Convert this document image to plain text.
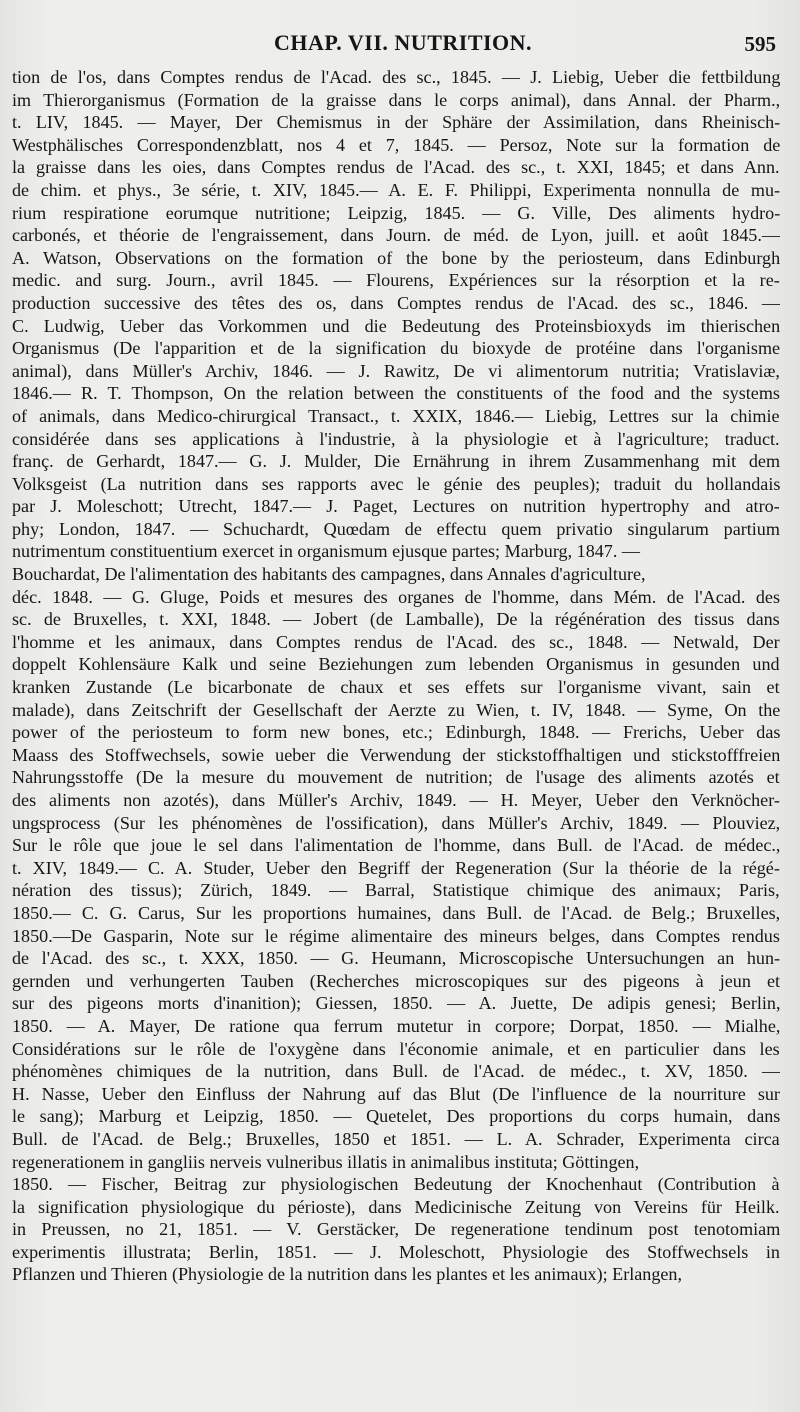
CHAP. VII. NUTRITION.	595
tion de l'os, dans Comptes rendus de l'Acad. des sc., 1845. — J. Liebig, Ueber die fettbildung
im Thierorganismus (Formation de la graisse dans le corps animal), dans Annal. der Pharm.,
t. LIV, 1845. — Mayer, Der Chemismus in der Sphäre der Assimilation, dans Rheinisch-
Westphälisches Correspondenzblatt, nos 4 et 7, 1845. — Persoz, Note sur la formation de
la graisse dans les oies, dans Comptes rendus de l'Acad. des sc., t. XXI, 1845; et dans Ann.
de chim. et phys., 3e série, t. XIV, 1845.— A. E. F. Philippi, Experimenta nonnulla de mu-
rium respiratione eorumque nutritione; Leipzig, 1845. — G. Ville, Des aliments hydro-
carbonés, et théorie de l'engraissement, dans Journ. de méd. de Lyon, juill. et août 1845.—
A. Watson, Observations on the formation of the bone by the periosteum, dans Edinburgh
medic. and surg. Journ., avril 1845. — Flourens, Expériences sur la résorption et la re-
production successive des têtes des os, dans Comptes rendus de l'Acad. des sc., 1846. —
C. Ludwig, Ueber das Vorkommen und die Bedeutung des Proteinsbioxyds im thierischen
Organismus (De l'apparition et de la signification du bioxyde de protéine dans l'organisme
animal), dans Müller's Archiv, 1846. — J. Rawitz, De vi alimentorum nutritia; Vratislaviæ,
1846.— R. T. Thompson, On the relation between the constituents of the food and the systems
of animals, dans Medico-chirurgical Transact., t. XXIX, 1846.— Liebig, Lettres sur la chimie
considérée dans ses applications à l'industrie, à la physiologie et à l'agriculture; traduct.
franç. de Gerhardt, 1847.— G. J. Mulder, Die Ernährung in ihrem Zusammenhang mit dem
Volksgeist (La nutrition dans ses rapports avec le génie des peuples); traduit du hollandais
par J. Moleschott; Utrecht, 1847.— J. Paget, Lectures on nutrition hypertrophy and atro-
phy; London, 1847. — Schuchardt, Quœdam de effectu quem privatio singularum partium
nutrimentum constituentium exercet in organismum ejusque partes; Marburg, 1847. —
Bouchardat, De l'alimentation des habitants des campagnes, dans Annales d'agriculture,
déc. 1848. — G. Gluge, Poids et mesures des organes de l'homme, dans Mém. de l'Acad. des
sc. de Bruxelles, t. XXI, 1848. — Jobert (de Lamballe), De la régénération des tissus dans
l'homme et les animaux, dans Comptes rendus de l'Acad. des sc., 1848. — Netwald, Der
doppelt Kohlensäure Kalk und seine Beziehungen zum lebenden Organismus in gesunden und
kranken Zustande (Le bicarbonate de chaux et ses effets sur l'organisme vivant, sain et
malade), dans Zeitschrift der Gesellschaft der Aerzte zu Wien, t. IV, 1848. — Syme, On the
power of the periosteum to form new bones, etc.; Edinburgh, 1848. — Frerichs, Ueber das
Maass des Stoffwechsels, sowie ueber die Verwendung der stickstoffhaltigen und stickstofffreien
Nahrungsstoffe (De la mesure du mouvement de nutrition; de l'usage des aliments azotés et
des aliments non azotés), dans Müller's Archiv, 1849. — H. Meyer, Ueber den Verknöcher-
ungsprocess (Sur les phénomènes de l'ossification), dans Müller's Archiv, 1849. — Plouviez,
Sur le rôle que joue le sel dans l'alimentation de l'homme, dans Bull. de l'Acad. de médec.,
t. XIV, 1849.— C. A. Studer, Ueber den Begriff der Regeneration (Sur la théorie de la régé-
nération des tissus); Zürich, 1849. — Barral, Statistique chimique des animaux; Paris,
1850.— C. G. Carus, Sur les proportions humaines, dans Bull. de l'Acad. de Belg.; Bruxelles,
1850.—De Gasparin, Note sur le régime alimentaire des mineurs belges, dans Comptes rendus
de l'Acad. des sc., t. XXX, 1850. — G. Heumann, Microscopische Untersuchungen an hun-
gernden und verhungerten Tauben (Recherches microscopiques sur des pigeons à jeun et
sur des pigeons morts d'inanition); Giessen, 1850. — A. Juette, De adipis genesi; Berlin,
1850. — A. Mayer, De ratione qua ferrum mutetur in corpore; Dorpat, 1850. — Mialhe,
Considérations sur le rôle de l'oxygène dans l'économie animale, et en particulier dans les
phénomènes chimiques de la nutrition, dans Bull. de l'Acad. de médec., t. XV, 1850. —
H. Nasse, Ueber den Einfluss der Nahrung auf das Blut (De l'influence de la nourriture sur
le sang); Marburg et Leipzig, 1850. — Quetelet, Des proportions du corps humain, dans
Bull. de l'Acad. de Belg.; Bruxelles, 1850 et 1851. — L. A. Schrader, Experimenta circa
regenerationem in gangliis nerveis vulneribus illatis in animalibus instituta; Göttingen,
1850. — Fischer, Beitrag zur physiologischen Bedeutung der Knochenhaut (Contribution à
la signification physiologique du périoste), dans Medicinische Zeitung von Vereins für Heilk.
in Preussen, no 21, 1851. — V. Gerstäcker, De regeneratione tendinum post tenotomiam
experimentis illustrata; Berlin, 1851. — J. Moleschott, Physiologie des Stoffwechsels in
Pflanzen und Thieren (Physiologie de la nutrition dans les plantes et les animaux); Erlangen,
